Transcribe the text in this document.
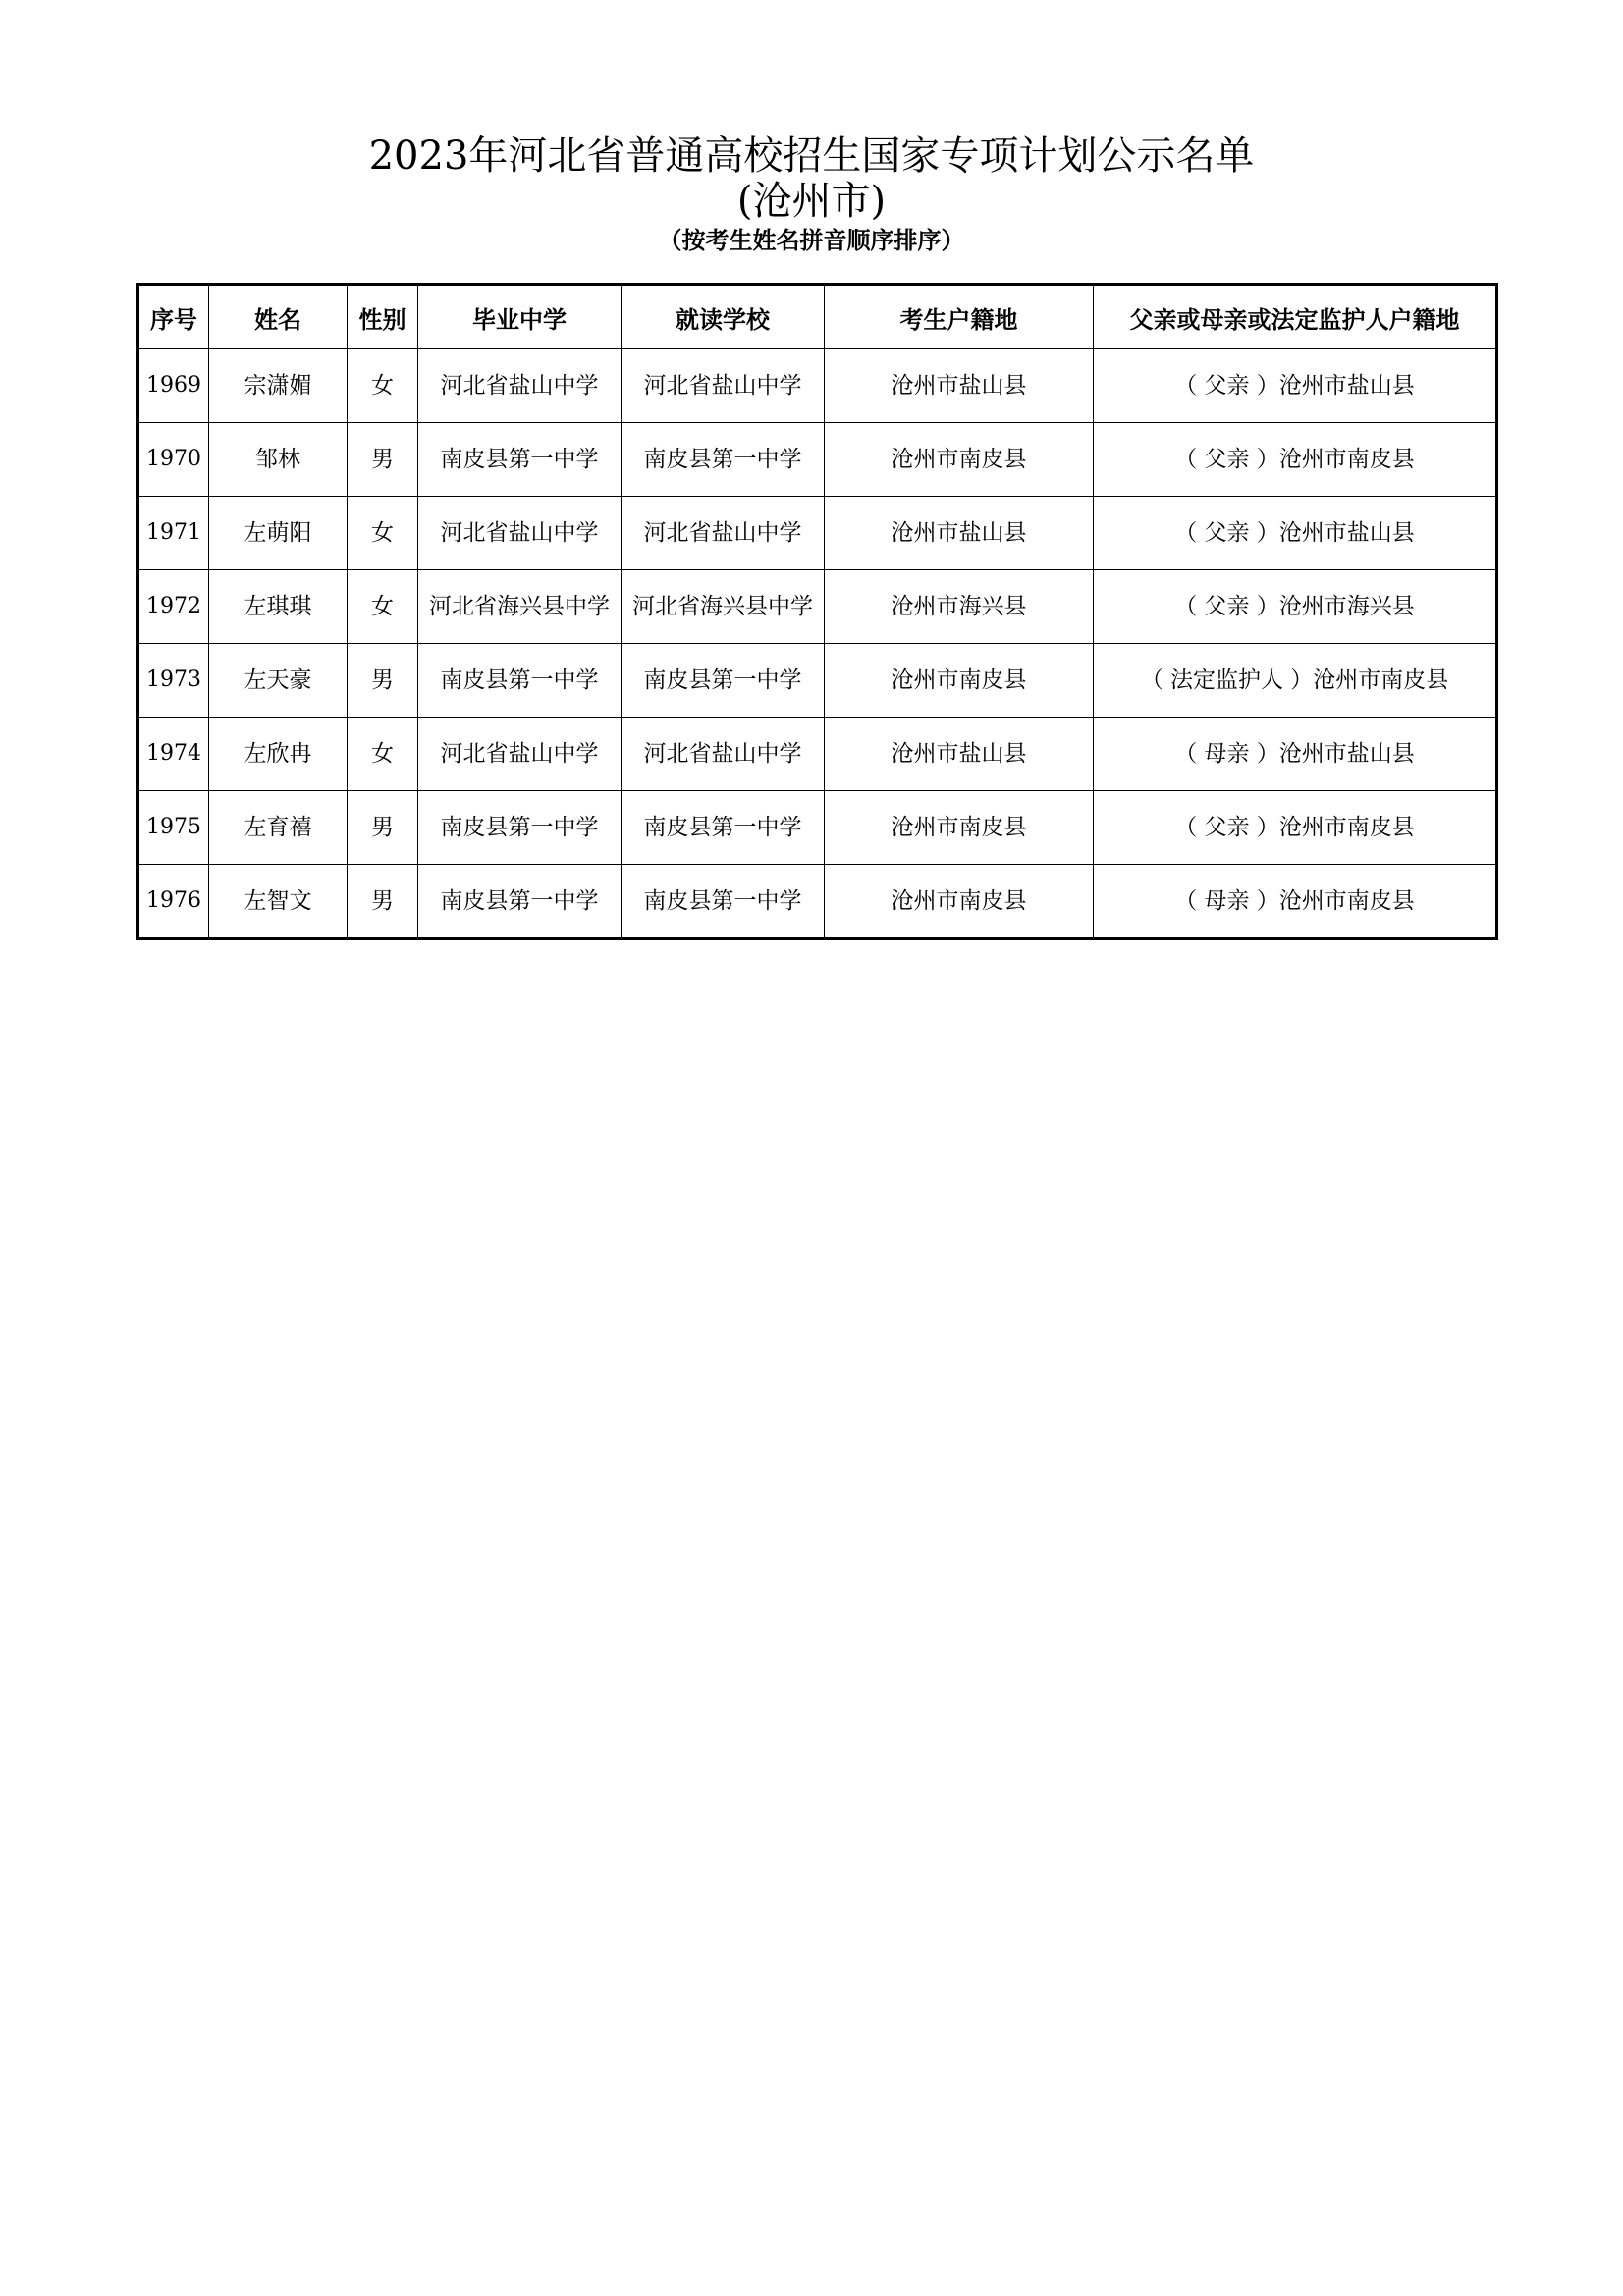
2023年河北省普通高校招生国家专项计划公示名单
(沧州市)
（按考生姓名拼音顺序排序）
序号	姓名	性别	毕业中学	就读学校	考生户籍地	父亲或母亲或法定监护人户籍地
1969	宗潇媚	女	河北省盐山中学	河北省盐山中学	沧州市盐山县	（ 父亲 ）沧州市盐山县
1970	邹林	男	南皮县第一中学	南皮县第一中学	沧州市南皮县	（ 父亲 ）沧州市南皮县
1971	左萌阳	女	河北省盐山中学	河北省盐山中学	沧州市盐山县	（ 父亲 ）沧州市盐山县
1972	左琪琪	女	河北省海兴县中学	河北省海兴县中学	沧州市海兴县	（ 父亲 ）沧州市海兴县
1973	左天豪	男	南皮县第一中学	南皮县第一中学	沧州市南皮县	（ 法定监护人 ）沧州市南皮县
1974	左欣冉	女	河北省盐山中学	河北省盐山中学	沧州市盐山县	（ 母亲 ）沧州市盐山县
1975	左育禧	男	南皮县第一中学	南皮县第一中学	沧州市南皮县	（ 父亲 ）沧州市南皮县
1976	左智文	男	南皮县第一中学	南皮县第一中学	沧州市南皮县	（ 母亲 ）沧州市南皮县
